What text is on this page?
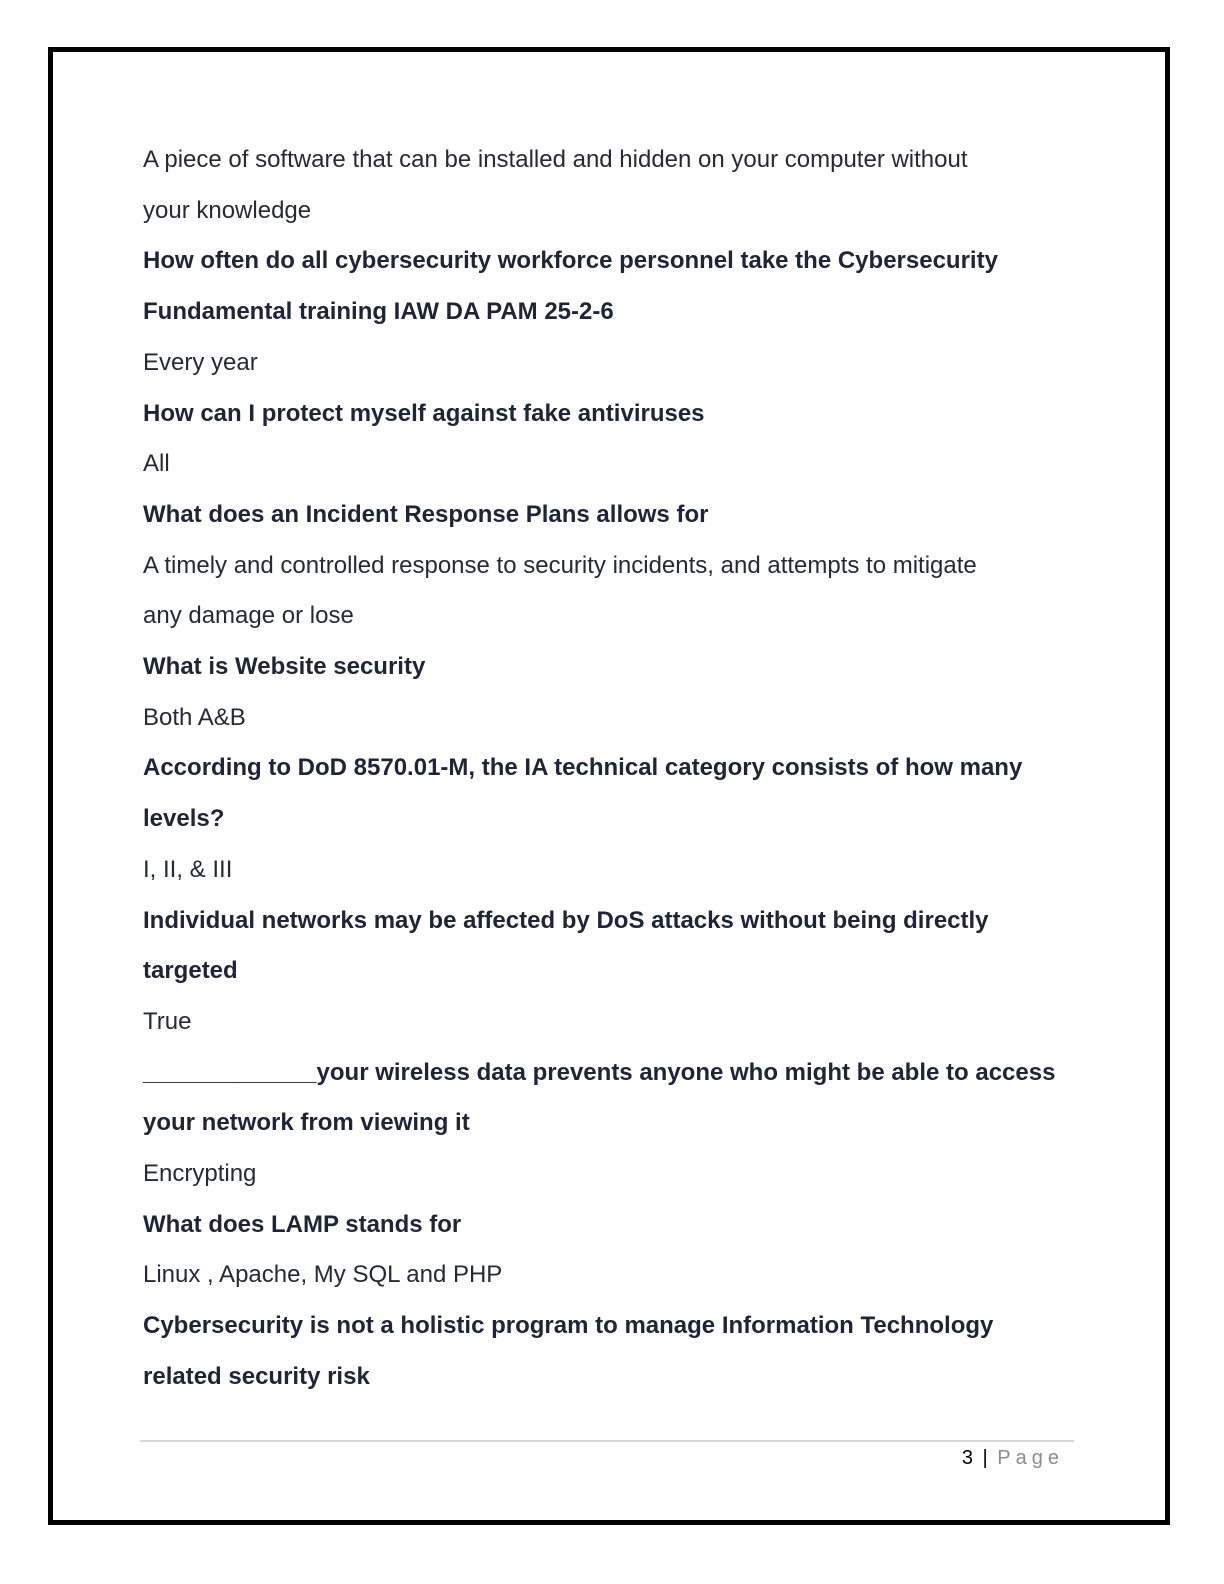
A piece of software that can be installed and hidden on your computer without

your knowledge

How often do all cybersecurity workforce personnel take the Cybersecurity

Fundamental training IAW DA PAM 25-2-6

Every year

How can I protect myself against fake antiviruses

All

What does an Incident Response Plans allows for

A timely and controlled response to security incidents, and attempts to mitigate

any damage or lose

What is Website security

Both A&B

According to DoD 8570.01-M, the IA technical category consists of how many

levels?

I, II, & III

Individual networks may be affected by DoS attacks without being directly

targeted

True

_____________your wireless data prevents anyone who might be able to access

your network from viewing it

Encrypting

What does LAMP stands for

Linux , Apache, My SQL and PHP

Cybersecurity is not a holistic program to manage Information Technology

related security risk

3 | Page
